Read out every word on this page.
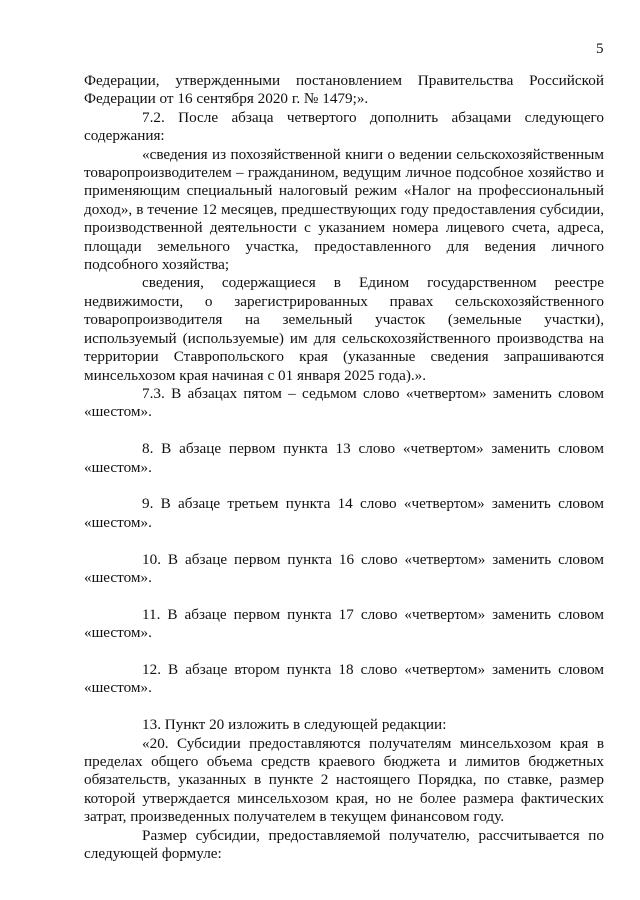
5

Федерации, утвержденными постановлением Правительства Российской Федерации от 16 сентября 2020 г. № 1479;».

7.2. После абзаца четвертого дополнить абзацами следующего содержания:

«сведения из похозяйственной книги о ведении сельскохозяйственным товаропроизводителем – гражданином, ведущим личное подсобное хозяйство и применяющим специальный налоговый режим «Налог на профессиональный доход», в течение 12 месяцев, предшествующих году предоставления субсидии, производственной деятельности с указанием номера лицевого счета, адреса, площади земельного участка, предоставленного для ведения личного подсобного хозяйства;

сведения, содержащиеся в Едином государственном реестре недвижимости, о зарегистрированных правах сельскохозяйственного товаропроизводителя на земельный участок (земельные участки), используемый (используемые) им для сельскохозяйственного производства на территории Ставропольского края (указанные сведения запрашиваются минсельхозом края начиная с 01 января 2025 года).».

7.3. В абзацах пятом – седьмом слово «четвертом» заменить словом «шестом».

8. В абзаце первом пункта 13 слово «четвертом» заменить словом «шестом».

9. В абзаце третьем пункта 14 слово «четвертом» заменить словом «шестом».

10. В абзаце первом пункта 16 слово «четвертом» заменить словом «шестом».

11. В абзаце первом пункта 17 слово «четвертом» заменить словом «шестом».

12. В абзаце втором пункта 18 слово «четвертом» заменить словом «шестом».

13. Пункт 20 изложить в следующей редакции:

«20. Субсидии предоставляются получателям минсельхозом края в пределах общего объема средств краевого бюджета и лимитов бюджетных обязательств, указанных в пункте 2 настоящего Порядка, по ставке, размер которой утверждается минсельхозом края, но не более размера фактических затрат, произведенных получателем в текущем финансовом году.

Размер субсидии, предоставляемой получателю, рассчитывается по следующей формуле:
